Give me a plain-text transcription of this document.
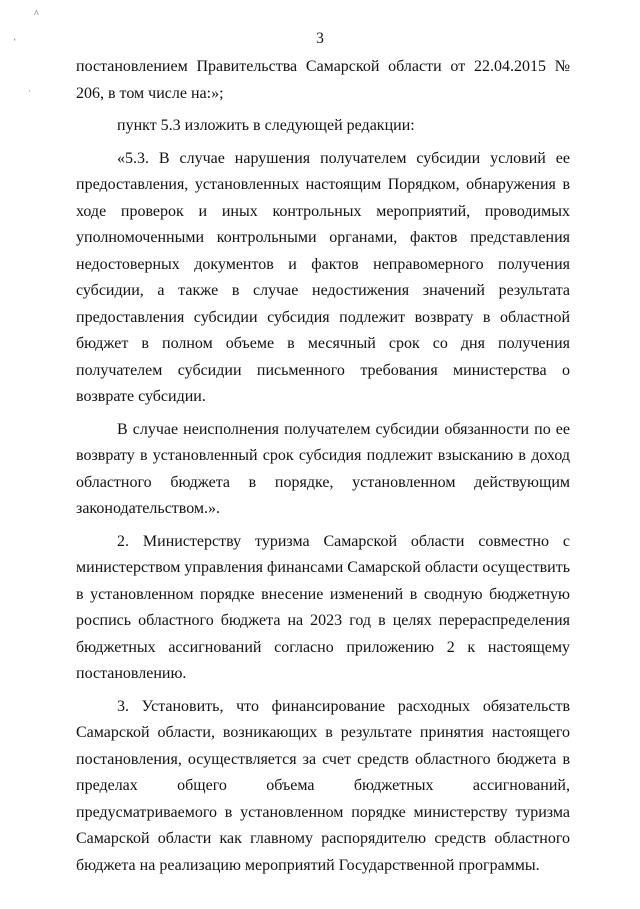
^
'
·
3

постановлением Правительства Самарской области от 22.04.2015 № 206, в том числе на:»;

пункт 5.3 изложить в следующей редакции:

«5.3. В случае нарушения получателем субсидии условий ее предоставления, установленных настоящим Порядком, обнаружения в ходе проверок и иных контрольных мероприятий, проводимых уполномоченными контрольными органами, фактов представления недостоверных документов и фактов неправомерного получения субсидии, а также в случае недостижения значений результата предоставления субсидии субсидия подлежит возврату в областной бюджет в полном объеме в месячный срок со дня получения получателем субсидии письменного требования министерства о возврате субсидии.

В случае неисполнения получателем субсидии обязанности по ее возврату в установленный срок субсидия подлежит взысканию в доход областного бюджета в порядке, установленном действующим законодательством.».

2. Министерству туризма Самарской области совместно с министерством управления финансами Самарской области осуществить в установленном порядке внесение изменений в сводную бюджетную роспись областного бюджета на 2023 год в целях перераспределения бюджетных ассигнований согласно приложению 2 к настоящему постановлению.

3. Установить, что финансирование расходных обязательств Самарской области, возникающих в результате принятия настоящего постановления, осуществляется за счет средств областного бюджета в пределах общего объема бюджетных ассигнований, предусматриваемого в установленном порядке министерству туризма Самарской области как главному распорядителю средств областного бюджета на реализацию мероприятий Государственной программы.
